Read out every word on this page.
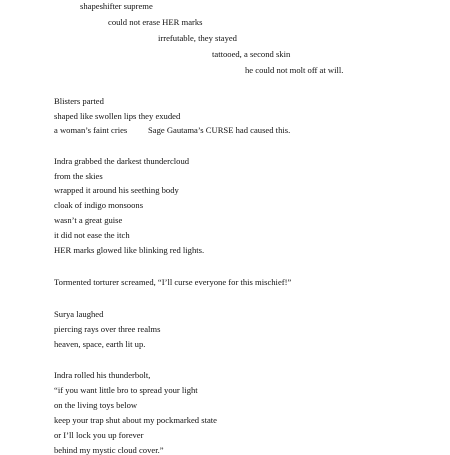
shapeshifter supreme
could not erase HER marks
irrefutable, they stayed
tattooed, a second skin
he could not molt off at will.
Blisters parted
shaped like swollen lips they exuded
a woman’s faint cries Sage Gautama’s CURSE had caused this.
Indra grabbed the darkest thundercloud
from the skies
wrapped it around his seething body
cloak of indigo monsoons
wasn’t a great guise
it did not ease the itch
HER marks glowed like blinking red lights.
Tormented torturer screamed, “I’ll curse everyone for this mischief!”
Surya laughed
piercing rays over three realms
heaven, space, earth lit up.
Indra rolled his thunderbolt,
“if you want little bro to spread your light
on the living toys below
keep your trap shut about my pockmarked state
or I’ll lock you up forever
behind my mystic cloud cover.”
